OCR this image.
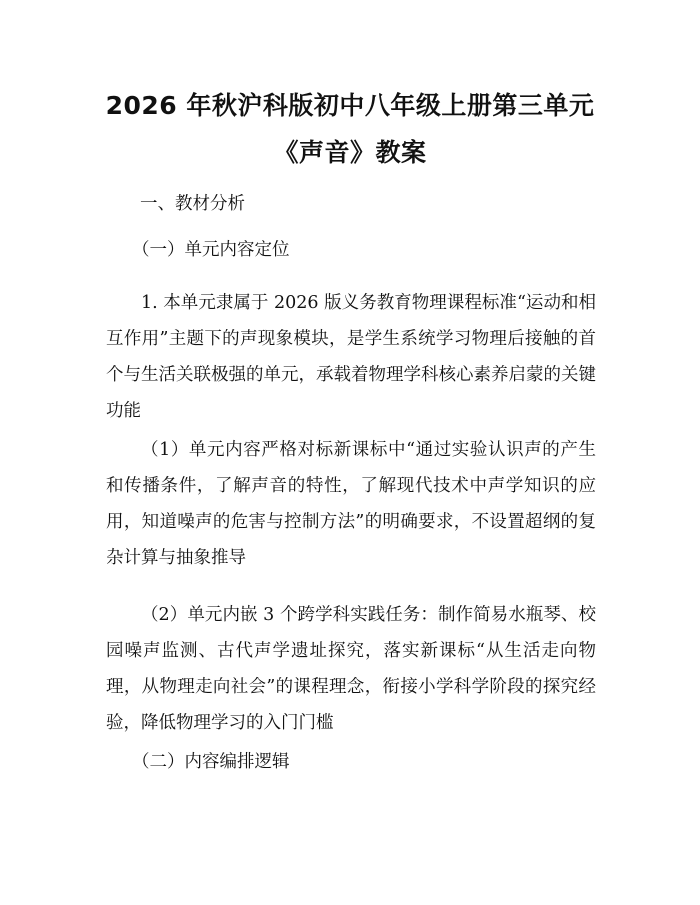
2026 年秋沪科版初中八年级上册第三单元
《声音》教案

一、教材分析

（一）单元内容定位

1. 本单元隶属于 2026 版义务教育物理课程标准“运动和相互作用”主题下的声现象模块，是学生系统学习物理后接触的首个与生活关联极强的单元，承载着物理学科核心素养启蒙的关键功能

（1）单元内容严格对标新课标中“通过实验认识声的产生和传播条件，了解声音的特性，了解现代技术中声学知识的应用，知道噪声的危害与控制方法”的明确要求，不设置超纲的复杂计算与抽象推导

（2）单元内嵌 3 个跨学科实践任务：制作简易水瓶琴、校园噪声监测、古代声学遗址探究，落实新课标“从生活走向物理，从物理走向社会”的课程理念，衔接小学科学阶段的探究经验，降低物理学习的入门门槛

（二）内容编排逻辑
